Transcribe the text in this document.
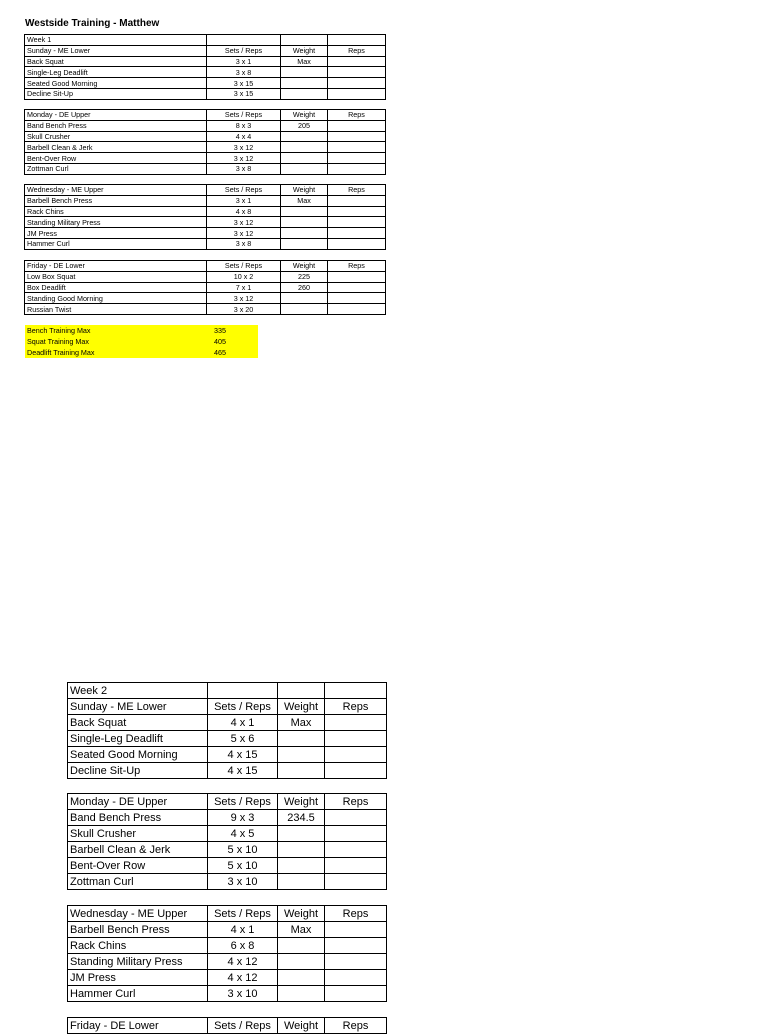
Westside Training - Matthew
Week 1			
Sunday - ME Lower	Sets / Reps	Weight	Reps
Back Squat	3 x 1	Max	
Single-Leg Deadlift	3 x 8		
Seated Good Morning	3 x 15		
Decline Sit-Up	3 x 15		
Monday - DE Upper	Sets / Reps	Weight	Reps
Band Bench Press	8 x 3	205	
Skull Crusher	4 x 4		
Barbell Clean & Jerk	3 x 12		
Bent-Over Row	3 x 12		
Zottman Curl	3 x 8		
Wednesday - ME Upper	Sets / Reps	Weight	Reps
Barbell Bench Press	3 x 1	Max	
Rack Chins	4 x 8		
Standing Military Press	3 x 12		
JM Press	3 x 12		
Hammer Curl	3 x 8		
Friday - DE Lower	Sets / Reps	Weight	Reps
Low Box Squat	10 x 2	225	
Box Deadlift	7 x 1	260	
Standing Good Morning	3 x 12		
Russian Twist	3 x 20		
Bench Training Max	335
Squat Training Max	405
Deadlift Training Max	465
Week 2			
Sunday - ME Lower	Sets / Reps	Weight	Reps
Back Squat	4 x 1	Max	
Single-Leg Deadlift	5 x 6		
Seated Good Morning	4 x 15		
Decline Sit-Up	4 x 15		
Monday - DE Upper	Sets / Reps	Weight	Reps
Band Bench Press	9 x 3	234.5	
Skull Crusher	4 x 5		
Barbell Clean & Jerk	5 x 10		
Bent-Over Row	5 x 10		
Zottman Curl	3 x 10		
Wednesday - ME Upper	Sets / Reps	Weight	Reps
Barbell Bench Press	4 x 1	Max	
Rack Chins	6 x 8		
Standing Military Press	4 x 12		
JM Press	4 x 12		
Hammer Curl	3 x 10		
Friday - DE Lower	Sets / Reps	Weight	Reps
